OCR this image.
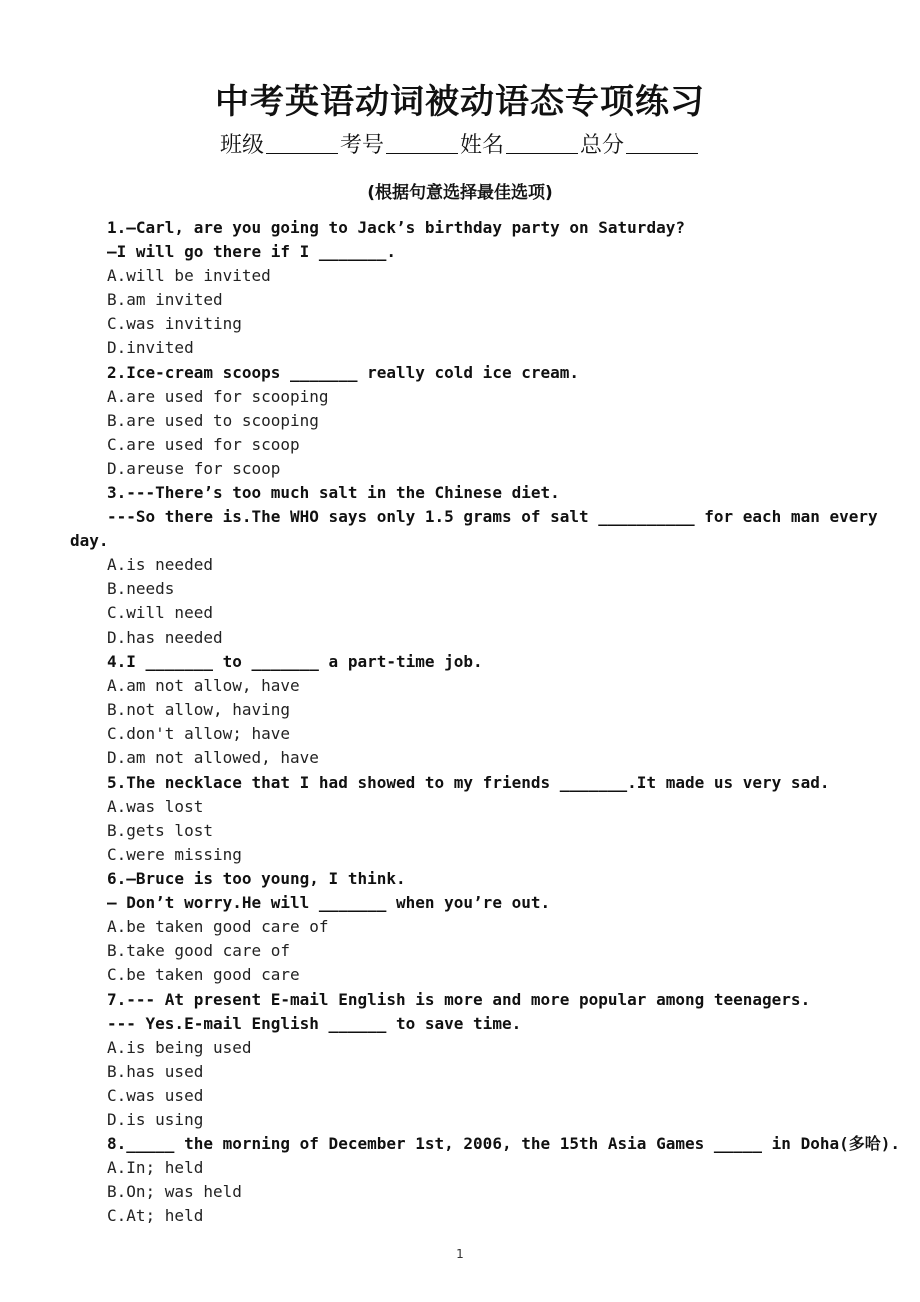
中考英语动词被动语态专项练习
班级	考号	姓名	总分
(根据句意选择最佳选项)
1.—Carl, are you going to Jack’s birthday party on Saturday?
—I will go there if I _______.
A.will be invited
B.am invited
C.was inviting
D.invited
2.Ice-cream scoops _______ really cold ice cream.
A.are used for scooping
B.are used to scooping
C.are used for scoop
D.areuse for scoop
3.---There’s too much salt in the Chinese diet.
---So there is.The WHO says only 1.5 grams of salt __________ for each man every
day.
A.is needed
B.needs
C.will need
D.has needed
4.I _______ to _______ a part-time job.
A.am not allow, have
B.not allow, having
C.don't allow; have
D.am not allowed, have
5.The necklace that I had showed to my friends _______.It made us very sad.
A.was lost
B.gets lost
C.were missing
6.—Bruce is too young, I think.
— Don’t worry.He will _______ when you’re out.
A.be taken good care of
B.take good care of
C.be taken good care
7.--- At present E-mail English is more and more popular among teenagers.
--- Yes.E-mail English ______ to save time.
A.is being used
B.has used
C.was used
D.is using
8._____ the morning of December 1st, 2006, the 15th Asia Games _____ in Doha(多哈).
A.In; held
B.On; was held
C.At; held
1
